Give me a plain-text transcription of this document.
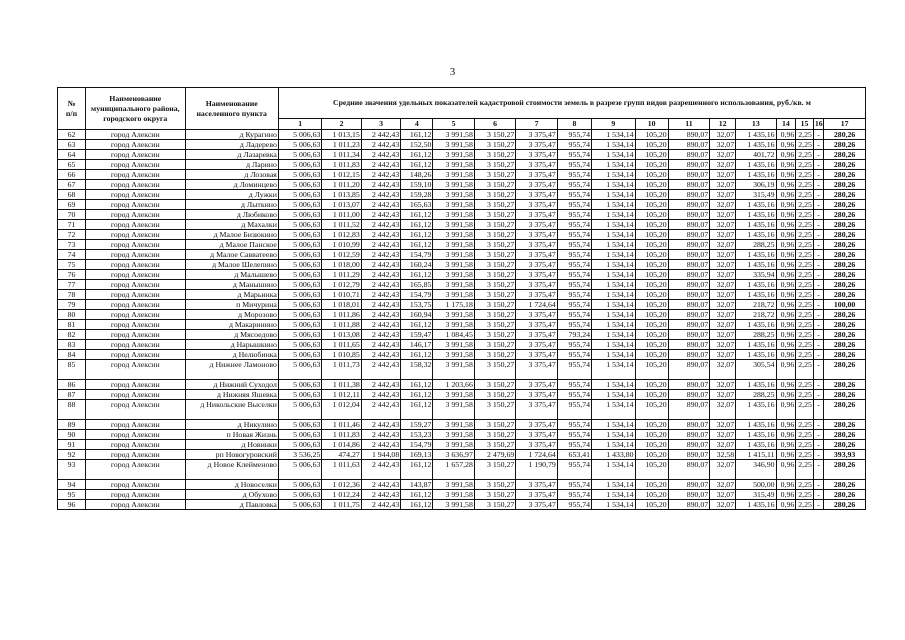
3
№
п/п	Наименование муниципального района, городского округа	Наименование населенного пункта	Средние значения удельных показателей кадастровой стоимости земель в разрезе групп видов разрешенного использования, руб./кв. м																
			1	2	3	4	5	6	7	8	9	10	11	12	13	14	15	16	17
62	город Алексин	д Курагино	5 006,63	1 013,15	2 442,43	161,12	3 991,58	3 150,27	3 375,47	955,74	1 534,14	105,20	890,07	32,07	1 435,16	0,96	2,25	-	280,26
63	город Алексин	д Ладерево	5 006,63	1 011,23	2 442,43	152,50	3 991,58	3 150,27	3 375,47	955,74	1 534,14	105,20	890,07	32,07	1 435,16	0,96	2,25	-	280,26
64	город Алексин	д Лазаревка	5 006,63	1 011,34	2 442,43	161,12	3 991,58	3 150,27	3 375,47	955,74	1 534,14	105,20	890,07	32,07	401,72	0,96	2,25	-	280,26
65	город Алексин	д Ларино	5 006,63	1 011,83	2 442,43	161,12	3 991,58	3 150,27	3 375,47	955,74	1 534,14	105,20	890,07	32,07	1 435,16	0,96	2,25	-	280,26
66	город Алексин	д Лозовая	5 006,63	1 012,15	2 442,43	148,26	3 991,58	3 150,27	3 375,47	955,74	1 534,14	105,20	890,07	32,07	1 435,16	0,96	2,25	-	280,26
67	город Алексин	д Ломинцево	5 006,63	1 011,20	2 442,43	159,10	3 991,58	3 150,27	3 375,47	955,74	1 534,14	105,20	890,07	32,07	306,19	0,96	2,25	-	280,26
68	город Алексин	д Лужки	5 006,63	1 013,85	2 442,43	159,28	3 991,58	3 150,27	3 375,47	955,74	1 534,14	105,20	890,07	32,07	315,49	0,96	2,25	-	280,26
69	город Алексин	д Лыткино	5 006,63	1 013,07	2 442,43	165,63	3 991,58	3 150,27	3 375,47	955,74	1 534,14	105,20	890,07	32,07	1 435,16	0,96	2,25	-	280,26
70	город Алексин	д Любиково	5 006,63	1 011,00	2 442,43	161,12	3 991,58	3 150,27	3 375,47	955,74	1 534,14	105,20	890,07	32,07	1 435,16	0,96	2,25	-	280,26
71	город Алексин	д Махалки	5 006,63	1 011,52	2 442,43	161,12	3 991,58	3 150,27	3 375,47	955,74	1 534,14	105,20	890,07	32,07	1 435,16	0,96	2,25	-	280,26
72	город Алексин	д Малое Бизюкино	5 006,63	1 012,83	2 442,43	161,12	3 991,58	3 150,27	3 375,47	955,74	1 534,14	105,20	890,07	32,07	1 435,16	0,96	2,25	-	280,26
73	город Алексин	д Малое Панское	5 006,63	1 010,99	2 442,43	161,12	3 991,58	3 150,27	3 375,47	955,74	1 534,14	105,20	890,07	32,07	288,25	0,96	2,25	-	280,26
74	город Алексин	д Малое Савватеево	5 006,63	1 012,59	2 442,43	154,79	3 991,58	3 150,27	3 375,47	955,74	1 534,14	105,20	890,07	32,07	1 435,16	0,96	2,25	-	280,26
75	город Алексин	д Малое Шелепино	5 006,63	1 018,00	2 442,43	160,24	3 991,58	3 150,27	3 375,47	955,74	1 534,14	105,20	890,07	32,07	1 435,16	0,96	2,25	-	280,26
76	город Алексин	д Малышево	5 006,63	1 011,29	2 442,43	161,12	3 991,58	3 150,27	3 375,47	955,74	1 534,14	105,20	890,07	32,07	335,94	0,96	2,25	-	280,26
77	город Алексин	д Манышино	5 006,63	1 012,79	2 442,43	165,85	3 991,58	3 150,27	3 375,47	955,74	1 534,14	105,20	890,07	32,07	1 435,16	0,96	2,25	-	280,26
78	город Алексин	д Марьинка	5 006,63	1 010,71	2 442,43	154,79	3 991,58	3 150,27	3 375,47	955,74	1 534,14	105,20	890,07	32,07	1 435,16	0,96	2,25	-	280,26
79	город Алексин	п Мичурина	5 006,63	1 018,01	2 442,43	153,75	1 175,18	3 150,27	1 724,64	955,74	1 534,14	105,20	890,07	32,07	218,72	0,96	2,25	-	100,00
80	город Алексин	д Морозово	5 006,63	1 011,86	2 442,43	160,94	3 991,58	3 150,27	3 375,47	955,74	1 534,14	105,20	890,07	32,07	218,72	0,96	2,25	-	280,26
81	город Алексин	д Макаринино	5 006,63	1 011,88	2 442,43	161,12	3 991,58	3 150,27	3 375,47	955,74	1 534,14	105,20	890,07	32,07	1 435,16	0,96	2,25	-	280,26
82	город Алексин	д Мясоедово	5 006,63	1 013,08	2 442,43	159,47	1 084,45	3 150,27	3 375,47	793,24	1 534,14	105,20	890,07	32,07	288,25	0,96	2,25	-	280,26
83	город Алексин	д Нарышкино	5 006,63	1 011,65	2 442,43	146,17	3 991,58	3 150,27	3 375,47	955,74	1 534,14	105,20	890,07	32,07	1 435,16	0,96	2,25	-	280,26
84	город Алексин	д Нелюбинка	5 006,63	1 010,85	2 442,43	161,12	3 991,58	3 150,27	3 375,47	955,74	1 534,14	105,20	890,07	32,07	1 435,16	0,96	2,25	-	280,26
85	город Алексин	д Нижнее Ламоново	5 006,63	1 011,73	2 442,43	158,32	3 991,58	3 150,27	3 375,47	955,74	1 534,14	105,20	890,07	32,07	305,54	0,96	2,25	-	280,26
86	город Алексин	д Нижний Суходол	5 006,63	1 011,38	2 442,43	161,12	1 203,66	3 150,27	3 375,47	955,74	1 534,14	105,20	890,07	32,07	1 435,16	0,96	2,25	-	280,26
87	город Алексин	д Нижняя Яшевка	5 006,63	1 012,11	2 442,43	161,12	3 991,58	3 150,27	3 375,47	955,74	1 534,14	105,20	890,07	32,07	288,25	0,96	2,25	-	280,26
88	город Алексин	д Никольские Выселки	5 006,63	1 012,04	2 442,43	161,12	3 991,58	3 150,27	3 375,47	955,74	1 534,14	105,20	890,07	32,07	1 435,16	0,96	2,25	-	280,26
89	город Алексин	д Никулино	5 006,63	1 011,46	2 442,43	159,27	3 991,58	3 150,27	3 375,47	955,74	1 534,14	105,20	890,07	32,07	1 435,16	0,96	2,25	-	280,26
90	город Алексин	п Новая Жизнь	5 006,63	1 011,83	2 442,43	153,23	3 991,58	3 150,27	3 375,47	955,74	1 534,14	105,20	890,07	32,07	1 435,16	0,96	2,25	-	280,26
91	город Алексин	д Новинки	5 006,63	1 014,86	2 442,43	154,79	3 991,58	3 150,27	3 375,47	955,74	1 534,14	105,20	890,07	32,07	1 435,16	0,96	2,25	-	280,26
92	город Алексин	рп Новогуровский	3 536,25	474,27	1 944,08	169,13	3 636,97	2 479,69	1 724,64	653,41	1 433,80	105,20	890,07	32,58	1 415,11	0,96	2,25	-	393,93
93	город Алексин	д Новое Клейменово	5 006,63	1 011,63	2 442,43	161,12	1 657,28	3 150,27	1 190,79	955,74	1 534,14	105,20	890,07	32,07	346,90	0,96	2,25	-	280,26
94	город Алексин	д Новоселки	5 006,63	1 012,36	2 442,43	143,87	3 991,58	3 150,27	3 375,47	955,74	1 534,14	105,20	890,07	32,07	500,00	0,96	2,25	-	280,26
95	город Алексин	д Обухово	5 006,63	1 012,24	2 442,43	161,12	3 991,58	3 150,27	3 375,47	955,74	1 534,14	105,20	890,07	32,07	315,49	0,96	2,25	-	280,26
96	город Алексин	д Павловка	5 006,63	1 011,75	2 442,43	161,12	3 991,58	3 150,27	3 375,47	955,74	1 534,14	105,20	890,07	32,07	1 435,16	0,96	2,25	-	280,26
